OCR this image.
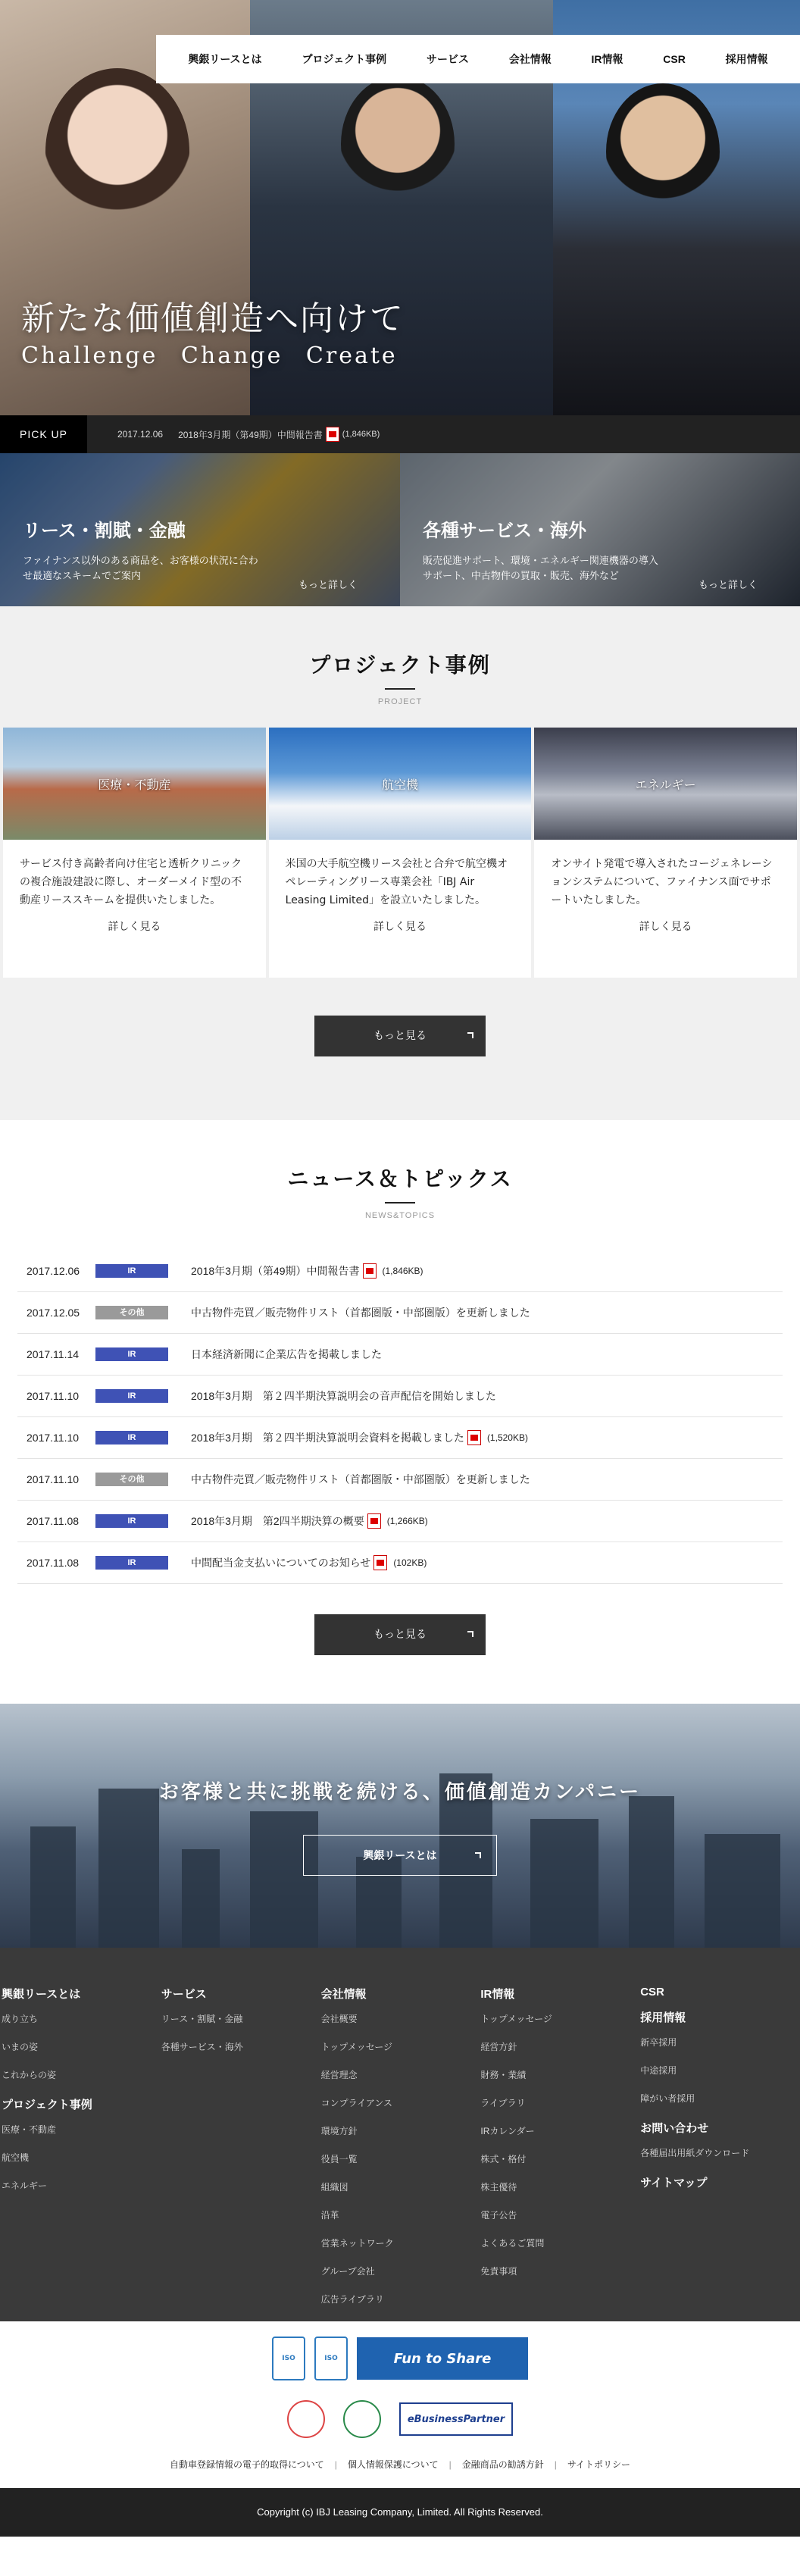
興銀リースとは	プロジェクト事例	サービス	会社情報	IR情報	CSR	採用情報
新たな価値創造へ向けて
Challenge Change Create
PICK UP	2017.12.06 2018年3月期（第49期）中間報告書 (1,846KB)
リース・割賦・金融

ファイナンス以外のある商品を、お客様の状況に合わせ最適なスキームでご案内

もっと詳しく
各種サービス・海外

販売促進サポート、環境・エネルギー関連機器の導入サポート、中古物件の買取・販売、海外など

もっと詳しく
プロジェクト事例
PROJECT
医療・不動産

サービス付き高齢者向け住宅と透析クリニックの複合施設建設に際し、オーダーメイド型の不動産リーススキームを提供いたしました。

詳しく見る
航空機

米国の大手航空機リース会社と合弁で航空機オペレーティングリース専業会社「IBJ Air Leasing Limited」を設立いたしました。

詳しく見る
エネルギー

オンサイト発電で導入されたコージェネレーションシステムについて、ファイナンス面でサポートいたしました。

詳しく見る
もっと見る
ニュース＆トピックス
NEWS&TOPICS
2017.12.06	IR	2018年3月期（第49期）中間報告書	(1,846KB)
2017.12.05	その他	中古物件売買／販売物件リスト（首都圏版・中部圏版）を更新しました
2017.11.14	IR	日本経済新聞に企業広告を掲載しました
2017.11.10	IR	2018年3月期　第２四半期決算説明会の音声配信を開始しました
2017.11.10	IR	2018年3月期　第２四半期決算説明会資料を掲載しました	(1,520KB)
2017.11.10	その他	中古物件売買／販売物件リスト（首都圏版・中部圏版）を更新しました
2017.11.08	IR	2018年3月期　第2四半期決算の概要	(1,266KB)
2017.11.08	IR	中間配当金支払いについてのお知らせ	(102KB)
もっと見る
お客様と共に挑戦を続ける、価値創造カンパニー
興銀リースとは
興銀リースとは
成り立ち
いまの姿
これからの姿
プロジェクト事例
医療・不動産
航空機
エネルギー
サービス
リース・割賦・金融
各種サービス・海外
会社情報
会社概要
トップメッセージ
経営理念
コンプライアンス
環境方針
役員一覧
組織図
沿革
営業ネットワーク
グループ会社
広告ライブラリ
IR情報
トップメッセージ
経営方針
財務・業績
ライブラリ
IRカレンダー
株式・格付
株主優待
電子公告
よくあるご質問
免責事項
CSR
採用情報
新卒採用
中途採用
障がい者採用
お問い合わせ
各種届出用紙ダウンロード
サイトマップ
ISO	ISO	Fun to Share
eBusinessPartner
自動車登録情報の電子的取得について | 個人情報保護について | 金融商品の勧誘方針 | サイトポリシー
Copyright (c) IBJ Leasing Company, Limited. All Rights Reserved.
